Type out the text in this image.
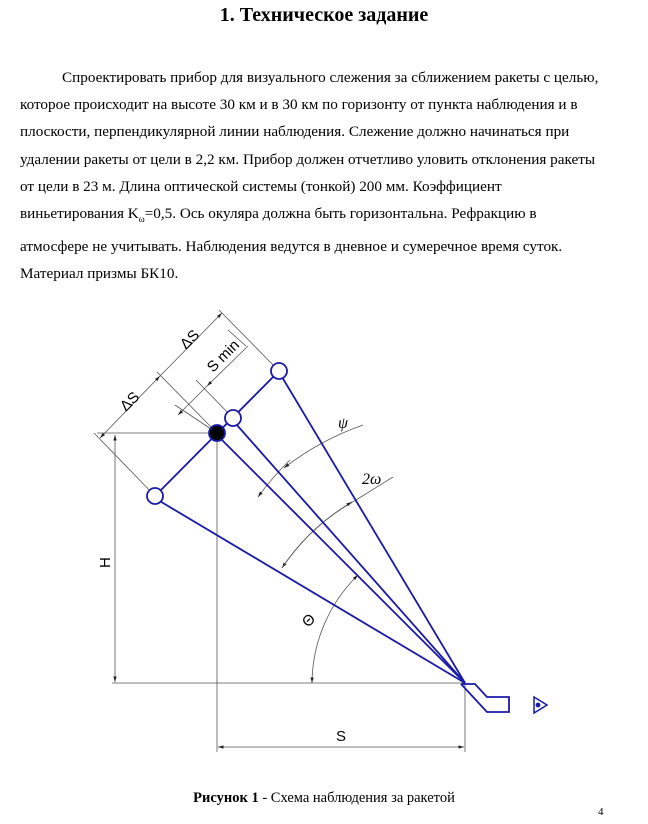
1. Техническое задание
Спроектировать прибор для визуального слежения за сближением ракеты с целью,
которое происходит на высоте 30 км и в 30 км по горизонту от пункта наблюдения и в
плоскости, перпендикулярной линии наблюдения. Слежение должно начинаться при
удалении ракеты от цели в 2,2 км. Прибор должен отчетливо уловить отклонения ракеты
от цели в 23 м. Длина оптической системы (тонкой) 200 мм. Коэффициент
виньетирования $K_\omega=0,5$. Ось окуляра должна быть горизонтальна. Рефракцию в
атмосфере не учитывать. Наблюдения ведутся в дневное и сумеречное время суток.
Материал призмы БК10.
ΔS
ΔS S min
ψ
2ω
Θ
H
S
Рисунок 1 - Схема наблюдения за ракетой
4
